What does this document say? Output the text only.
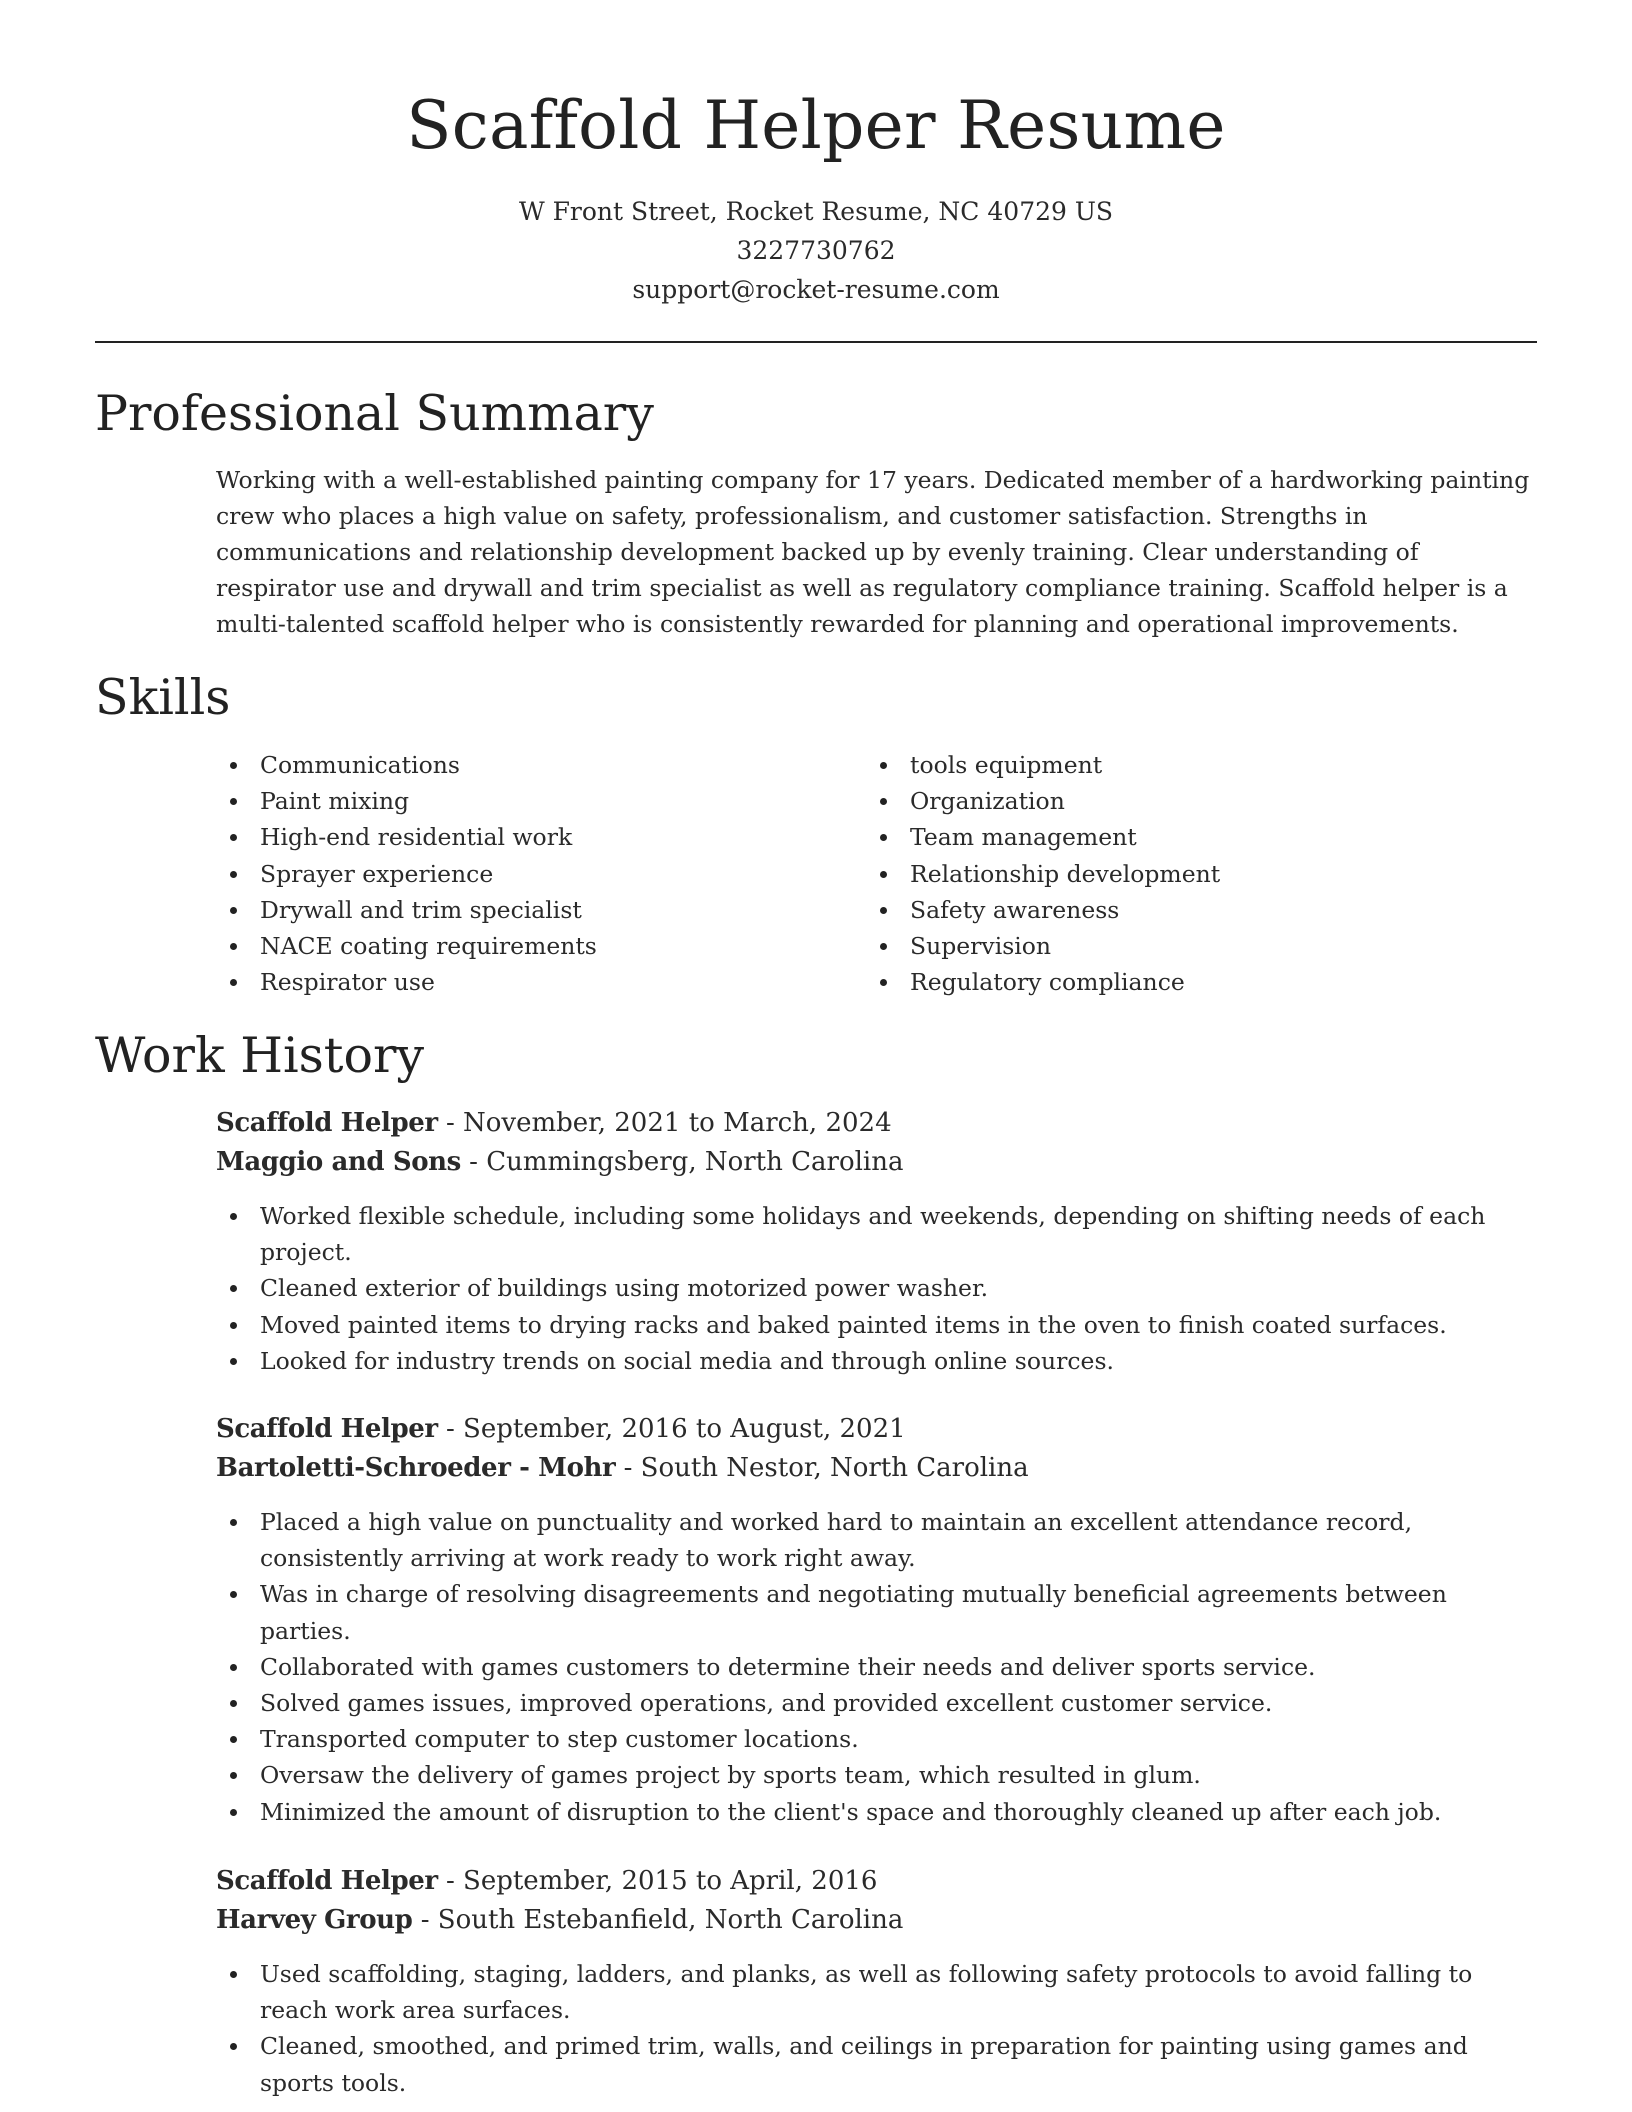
Scaffold Helper Resume
W Front Street, Rocket Resume, NC 40729 US
3227730762
support@rocket-resume.com
Professional Summary

Working with a well-established painting company for 17 years. Dedicated member of a hardworking painting crew who places a high value on safety, professionalism, and customer satisfaction. Strengths in communications and relationship development backed up by evenly training. Clear understanding of respirator use and drywall and trim specialist as well as regulatory compliance training. Scaffold helper is a multi-talented scaffold helper who is consistently rewarded for planning and operational improvements.

Skills
Communications
Paint mixing
High-end residential work
Sprayer experience
Drywall and trim specialist
NACE coating requirements
Respirator use
tools equipment
Organization
Team management
Relationship development
Safety awareness
Supervision
Regulatory compliance
Work History
Scaffold Helper - November, 2021 to March, 2024
Maggio and Sons - Cummingsberg, North Carolina
Worked flexible schedule, including some holidays and weekends, depending on shifting needs of each project.
Cleaned exterior of buildings using motorized power washer.
Moved painted items to drying racks and baked painted items in the oven to finish coated surfaces.
Looked for industry trends on social media and through online sources.
Scaffold Helper - September, 2016 to August, 2021
Bartoletti-Schroeder - Mohr - South Nestor, North Carolina
Placed a high value on punctuality and worked hard to maintain an excellent attendance record, consistently arriving at work ready to work right away.
Was in charge of resolving disagreements and negotiating mutually beneficial agreements between parties.
Collaborated with games customers to determine their needs and deliver sports service.
Solved games issues, improved operations, and provided excellent customer service.
Transported computer to step customer locations.
Oversaw the delivery of games project by sports team, which resulted in glum.
Minimized the amount of disruption to the client's space and thoroughly cleaned up after each job.
Scaffold Helper - September, 2015 to April, 2016
Harvey Group - South Estebanfield, North Carolina
Used scaffolding, staging, ladders, and planks, as well as following safety protocols to avoid falling to reach work area surfaces.
Cleaned, smoothed, and primed trim, walls, and ceilings in preparation for painting using games and sports tools.
